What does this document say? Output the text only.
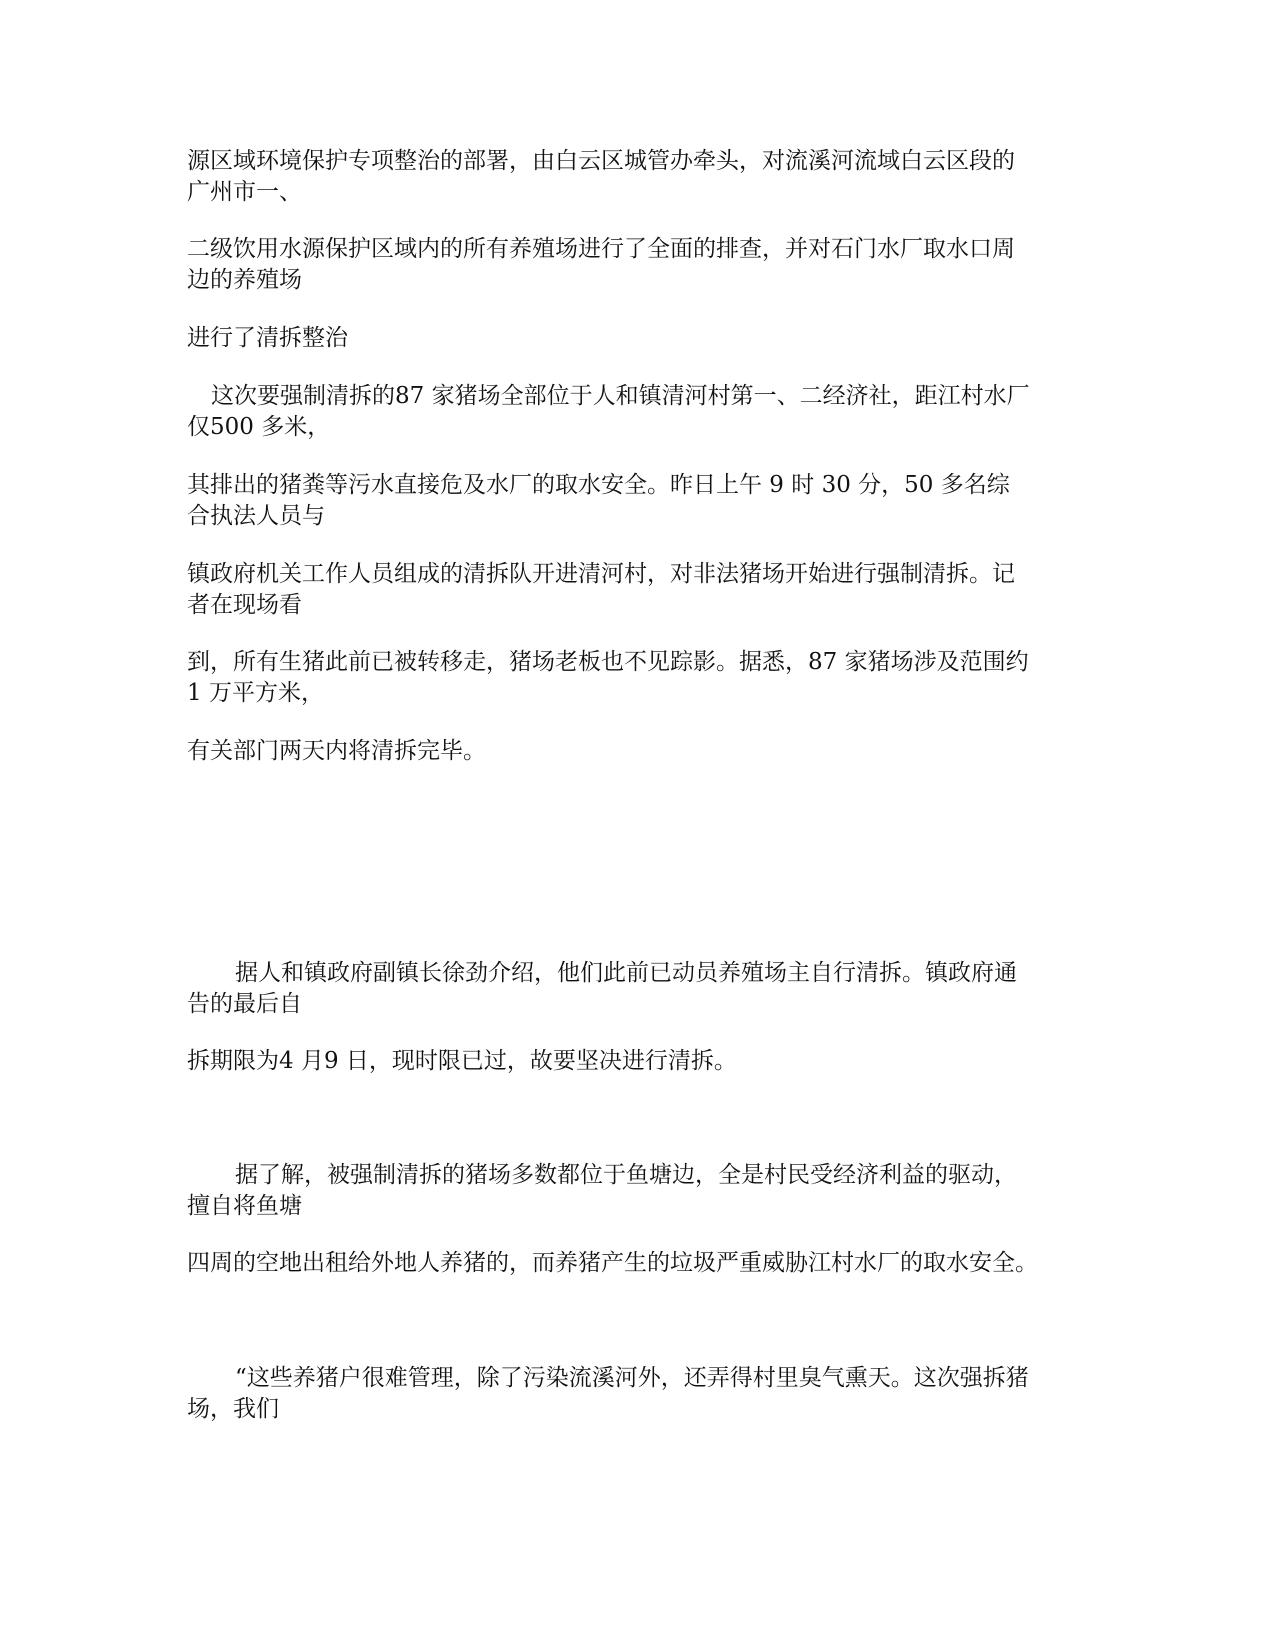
源区域环境保护专项整治的部署，由白云区城管办牵头，对流溪河流域白云区段的
广州市一、

二级饮用水源保护区域内的所有养殖场进行了全面的排查，并对石门水厂取水口周
边的养殖场

进行了清拆整治

这次要强制清拆的87 家猪场全部位于人和镇清河村第一、二经济社，距江村水厂
仅500 多米，

其排出的猪粪等污水直接危及水厂的取水安全。昨日上午 9 时 30 分，50 多名综
合执法人员与

镇政府机关工作人员组成的清拆队开进清河村，对非法猪场开始进行强制清拆。记
者在现场看

到，所有生猪此前已被转移走，猪场老板也不见踪影。据悉，87 家猪场涉及范围约
1 万平方米，

有关部门两天内将清拆完毕。

据人和镇政府副镇长徐劲介绍，他们此前已动员养殖场主自行清拆。镇政府通
告的最后自

拆期限为4 月9 日，现时限已过，故要坚决进行清拆。

据了解，被强制清拆的猪场多数都位于鱼塘边，全是村民受经济利益的驱动，
擅自将鱼塘

四周的空地出租给外地人养猪的，而养猪产生的垃圾严重威胁江村水厂的取水安全。

“这些养猪户很难管理，除了污染流溪河外，还弄得村里臭气熏天。这次强拆猪
场，我们
